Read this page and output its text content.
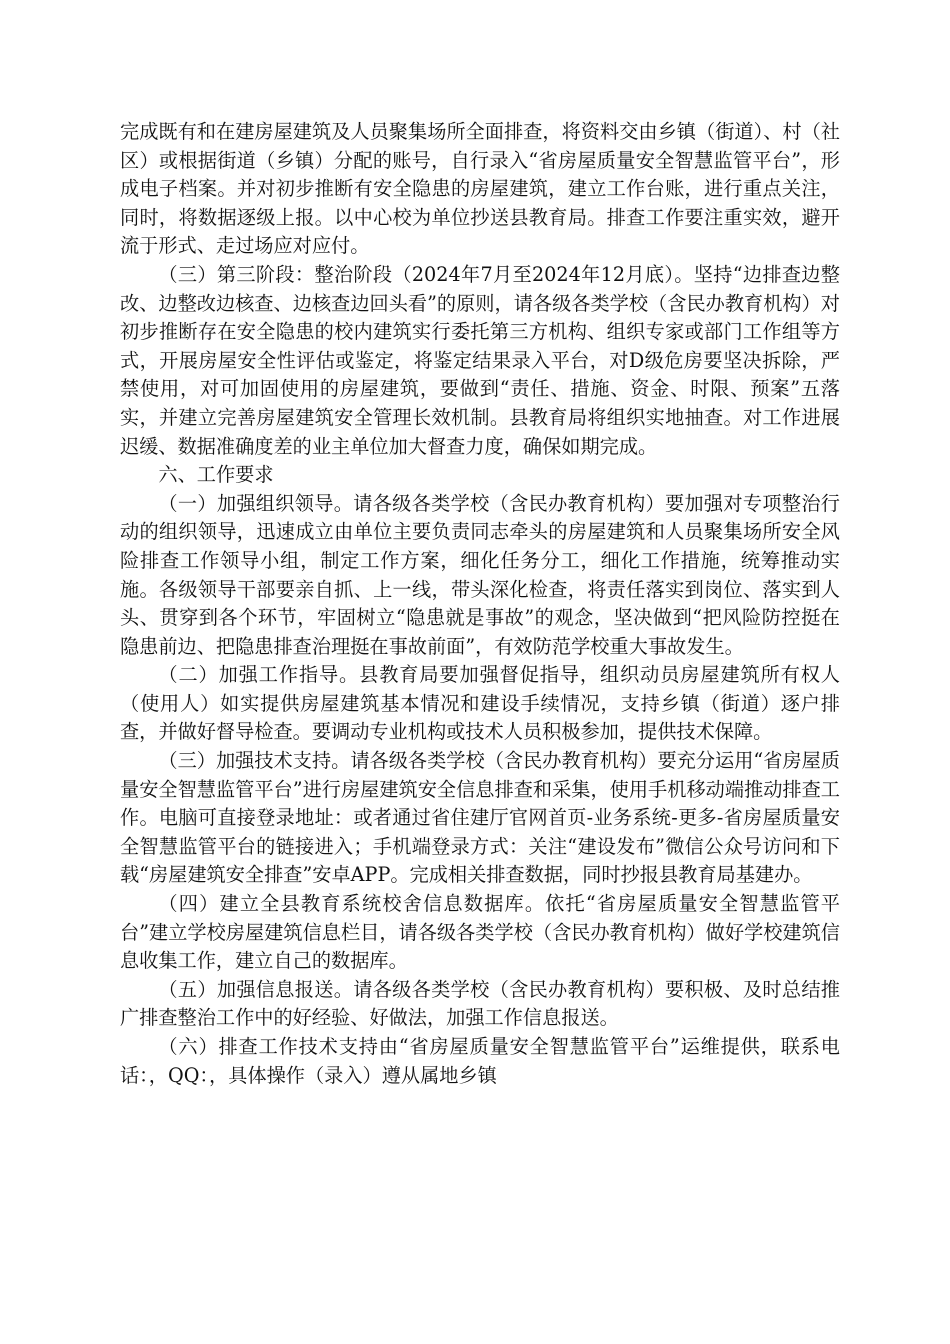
完成既有和在建房屋建筑及人员聚集场所全面排查，将资料交由乡镇（街道）、村（社区）或根据街道（乡镇）分配的账号，自行录入“省房屋质量安全智慧监管平台”，形成电子档案。并对初步推断有安全隐患的房屋建筑，建立工作台账，进行重点关注，同时，将数据逐级上报。以中心校为单位抄送县教育局。排查工作要注重实效，避开流于形式、走过场应对应付。

（三）第三阶段：整治阶段（2024年7月至2024年12月底）。坚持“边排查边整改、边整改边核查、边核查边回头看”的原则，请各级各类学校（含民办教育机构）对初步推断存在安全隐患的校内建筑实行委托第三方机构、组织专家或部门工作组等方式，开展房屋安全性评估或鉴定，将鉴定结果录入平台，对D级危房要坚决拆除，严禁使用，对可加固使用的房屋建筑，要做到“责任、措施、资金、时限、预案”五落实，并建立完善房屋建筑安全管理长效机制。县教育局将组织实地抽查。对工作进展迟缓、数据准确度差的业主单位加大督查力度，确保如期完成。

六、工作要求

（一）加强组织领导。请各级各类学校（含民办教育机构）要加强对专项整治行动的组织领导，迅速成立由单位主要负责同志牵头的房屋建筑和人员聚集场所安全风险排查工作领导小组，制定工作方案，细化任务分工，细化工作措施，统筹推动实施。各级领导干部要亲自抓、上一线，带头深化检查，将责任落实到岗位、落实到人头、贯穿到各个环节，牢固树立“隐患就是事故”的观念，坚决做到“把风险防控挺在隐患前边、把隐患排查治理挺在事故前面”，有效防范学校重大事故发生。

（二）加强工作指导。县教育局要加强督促指导，组织动员房屋建筑所有权人（使用人）如实提供房屋建筑基本情况和建设手续情况，支持乡镇（街道）逐户排查，并做好督导检查。要调动专业机构或技术人员积极参加，提供技术保障。

（三）加强技术支持。请各级各类学校（含民办教育机构）要充分运用“省房屋质量安全智慧监管平台”进行房屋建筑安全信息排查和采集，使用手机移动端推动排查工作。电脑可直接登录地址：或者通过省住建厅官网首页-业务系统-更多-省房屋质量安全智慧监管平台的链接进入；手机端登录方式：关注“建设发布”微信公众号访问和下载“房屋建筑安全排查”安卓APP。完成相关排查数据，同时抄报县教育局基建办。

（四）建立全县教育系统校舍信息数据库。依托“省房屋质量安全智慧监管平台”建立学校房屋建筑信息栏目，请各级各类学校（含民办教育机构）做好学校建筑信息收集工作，建立自己的数据库。

（五）加强信息报送。请各级各类学校（含民办教育机构）要积极、及时总结推广排查整治工作中的好经验、好做法，加强工作信息报送。

（六）排查工作技术支持由“省房屋质量安全智慧监管平台”运维提供，联系电话：，QQ：，具体操作（录入）遵从属地乡镇
